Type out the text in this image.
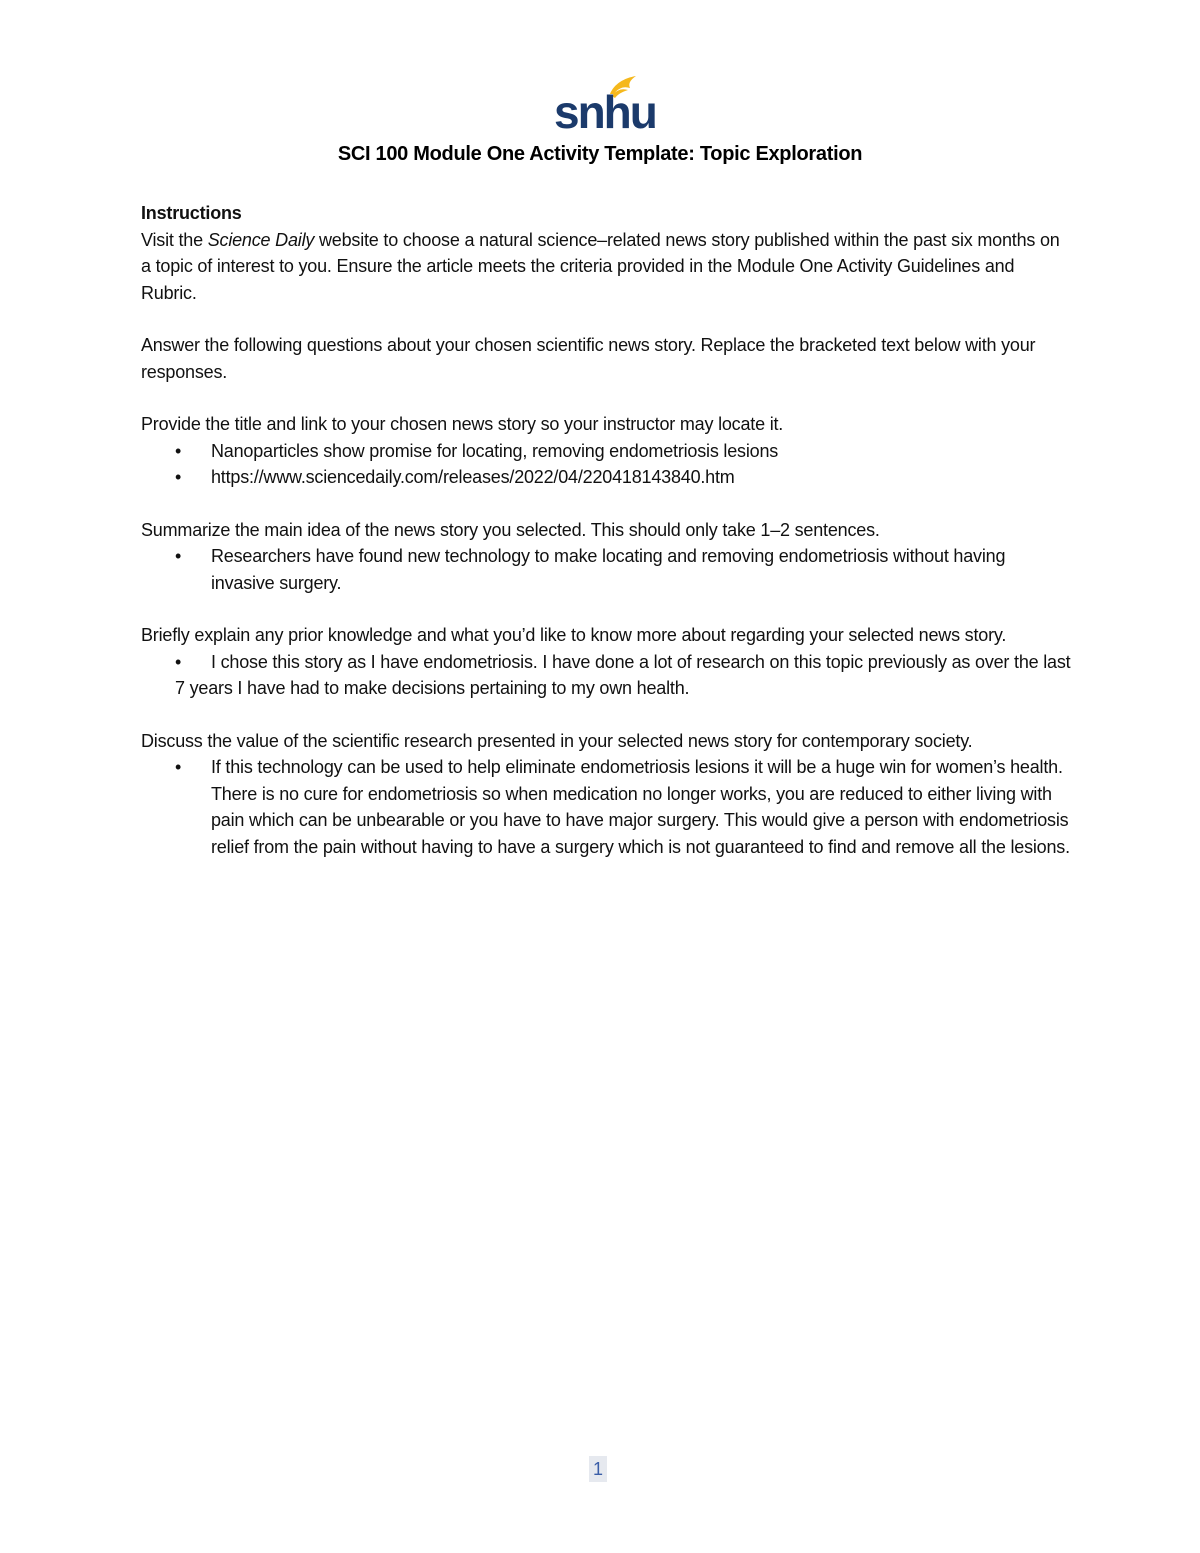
snhu
SCI 100 Module One Activity Template: Topic Exploration

Instructions

Visit the Science Daily website to choose a natural science–related news story published within the past six months on a topic of interest to you. Ensure the article meets the criteria provided in the Module One Activity Guidelines and Rubric.

Answer the following questions about your chosen scientific news story. Replace the bracketed text below with your responses.

Provide the title and link to your chosen news story so your instructor may locate it.

• Nanoparticles show promise for locating, removing endometriosis lesions
• https://www.sciencedaily.com/releases/2022/04/220418143840.htm

Summarize the main idea of the news story you selected. This should only take 1–2 sentences.

• Researchers have found new technology to make locating and removing endometriosis without having invasive surgery.

Briefly explain any prior knowledge and what you’d like to know more about regarding your selected news story.

• I chose this story as I have endometriosis. I have done a lot of research on this topic previously as over the last 7 years I have had to make decisions pertaining to my own health.

Discuss the value of the scientific research presented in your selected news story for contemporary society.

• If this technology can be used to help eliminate endometriosis lesions it will be a huge win for women’s health. There is no cure for endometriosis so when medication no longer works, you are reduced to either living with pain which can be unbearable or you have to have major surgery. This would give a person with endometriosis relief from the pain without having to have a surgery which is not guaranteed to find and remove all the lesions.
1
